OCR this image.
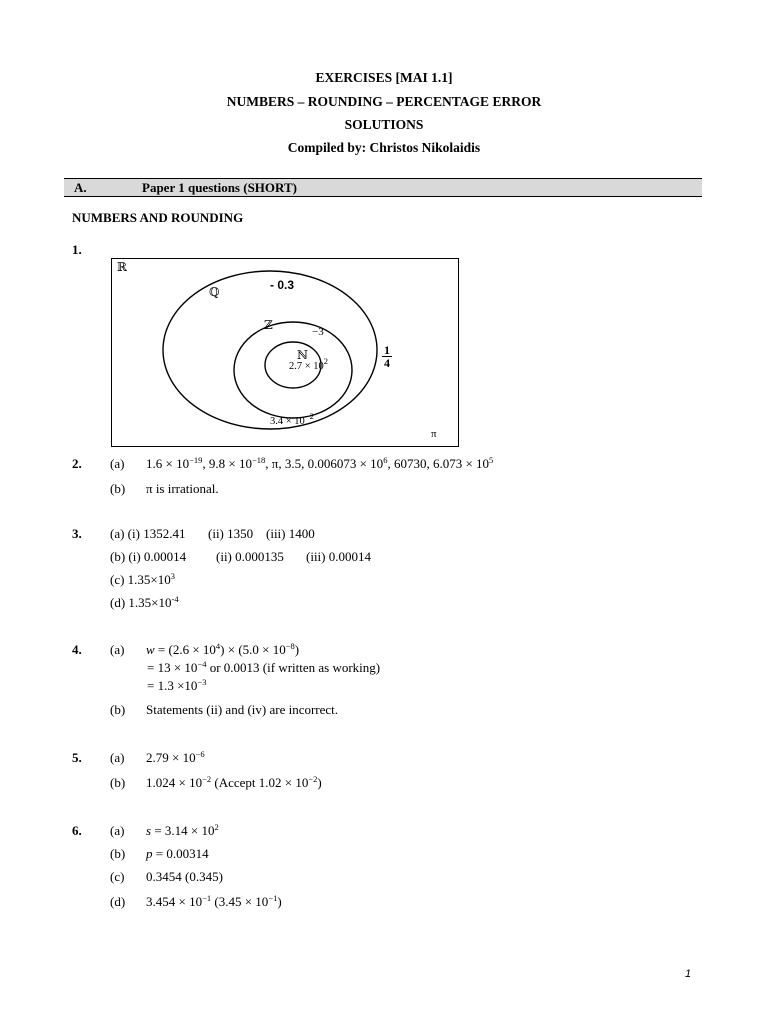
EXERCISES [MAI 1.1]
NUMBERS – ROUNDING – PERCENTAGE ERROR
SOLUTIONS
Compiled by: Christos Nikolaidis
A.	Paper 1 questions (SHORT)
NUMBERS AND ROUNDING
1.
ℝ
ℚ	- 0.3
ℤ	−3
ℕ
$2.7 \times 10^2$
1
4
$3.4 \times 10^{-2}$
π
2. (a) $1.6 \times 10^{-19}$, $9.8 \times 10^{-18}$, π, 3.5, $0.006073 \times 10^6$, 60730, $6.073 \times 10^5$
(b) π is irrational.
3. (a) (i) 1352.41 (ii) 1350 (iii) 1400
(b) (i) 0.00014 (ii) 0.000135 (iii) 0.00014
(c) $1.35\times 10^3$
(d) $1.35\times 10^{-4}$
4. (a) $w = (2.6 \times 10^4) \times (5.0 \times 10^{-8})$
= $13 \times 10^{-4}$ or 0.0013 (if written as working)
= $1.3 \times 10^{-3}$
(b) Statements (ii) and (iv) are incorrect.
5. (a) $2.79 \times 10^{-6}$
(b) $1.024 \times 10^{-2}$ (Accept $1.02 \times 10^{-2}$)
6. (a) $s = 3.14 \times 10^2$
(b) p = 0.00314
(c) 0.3454 (0.345)
(d) $3.454 \times 10^{-1}$ $(3.45 \times 10^{-1})$
1
